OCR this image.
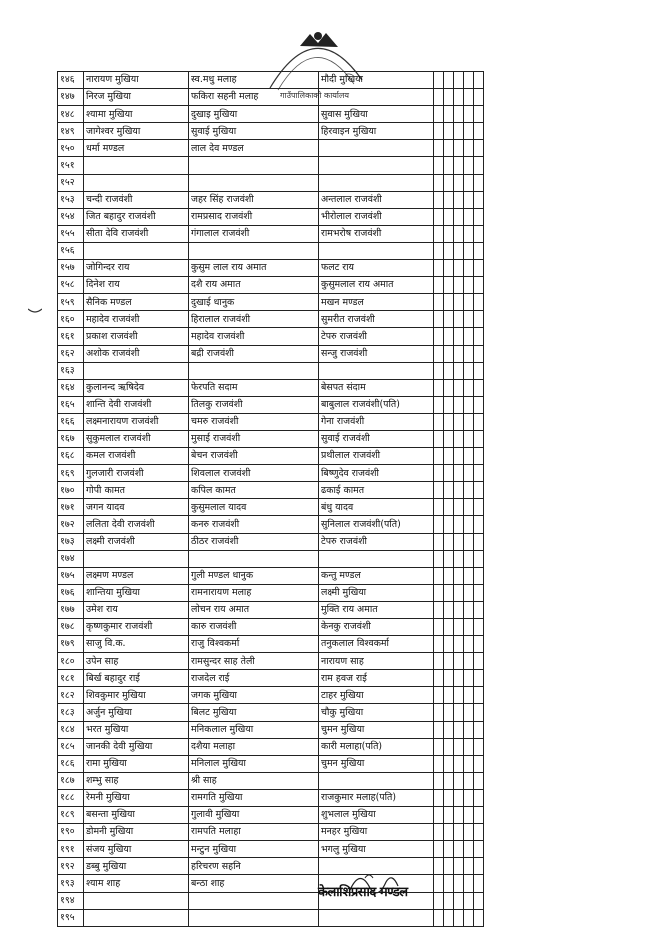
गाउँपालिकाको कार्यालय
१४६	नारायण मुखिया	स्व.मधु मलाह	मौदी मुखिया					
१४७	निरज मुखिया	फकिरा सहनी मलाह						
१४८	श्यामा मुखिया	दुखाइ मुखिया	सुवास मुखिया					
१४९	जागेश्वर मुखिया	सुवाई मुखिया	हिरवाइन मुखिया					
१५०	धर्मा मण्डल	लाल देव मण्डल						
१५१								
१५२								
१५३	चन्दी राजवंशी	जहर सिंह राजवंशी	अन्तलाल राजवंशी					
१५४	जित बहादुर राजवंशी	रामप्रसाद राजवंशी	भीरोलाल राजवंशी					
१५५	सीता देवि राजवंशी	गंगालाल राजवंशी	रामभरोष राजवंशी					
१५६								
१५७	जोगिन्दर राय	कुसुम लाल राय अमात	फलट राय					
१५८	दिनेश राय	दशै राय अमात	कुसुमलाल राय अमात					
१५९	सैनिक मण्डल	दुखाई धानुक	मखन मण्डल					
१६०	महादेव राजवंशी	हिरालाल राजवंशी	सुमरीत राजवंशी					
१६१	प्रकाश राजवंशी	महादेव राजवंशी	टेपरु राजवंशी					
१६२	अशोक राजवंशी	बद्री राजवंशी	सन्जु राजवंशी					
१६३								
१६४	कुलानन्द ऋषिदेव	फेरपति सदाम	बेसपत संदाम					
१६५	शान्ति देवी राजवंशी	तिलकु राजवंशी	बाबुलाल राजवंशी(पति)					
१६६	लक्ष्मनारायण राजवंशी	चमरु राजवंशी	गेना राजवंशी					
१६७	सुकुमलाल राजवंशी	मुसाई राजवंशी	सुवाई राजवंशी					
१६८	कमल राजवंशी	बेचन राजवंशी	प्रथीलाल राजवंशी					
१६९	गुलजारी राजवंशी	शिवलाल राजवंशी	बिष्णुदेव राजवंशी					
१७०	गोपी कामत	कपिल कामत	ढकाई कामत					
१७१	जगन यादव	कुसुमलाल यादव	बंधु यादव					
१७२	ललिता देवी राजवंशी	कनरु राजवंशी	सुनिलाल राजवंशी(पति)					
१७३	लक्ष्मी राजवंशी	ठीठर राजवंशी	टेपरु राजवंशी					
१७४								
१७५	लक्ष्मण मण्डल	गुली मण्डल धानुक	कन्तु मण्डल					
१७६	शान्तिया मुखिया	रामनारायण मलाह	लक्ष्मी मुखिया					
१७७	उमेश राय	लोचन राय अमात	मुक्ति राय अमात					
१७८	कृष्णकुमार राजवंशी	कारु राजवंशी	केनकु राजवंशी					
१७९	साजु वि.क.	राजु विश्वकर्मा	तनुकलाल विश्वकर्मा					
१८०	उपेन साह	रामसुन्दर साह तेली	नारायण साह					
१८१	बिर्ख बहादुर राई	राजदेल राई	राम हवज राई					
१८२	शिवकुमार मुखिया	जगक मुखिया	टाहर मुखिया					
१८३	अर्जुन मुखिया	बिलट मुखिया	चौकु मुखिया					
१८४	भरत मुखिया	मनिकलाल मुखिया	चुमन मुखिया					
१८५	जानकी देवी मुखिया	दशैया मलाहा	कारी मलाहा(पति)					
१८६	रामा मुखिया	मनिलाल मुखिया	चुमन मुखिया					
१८७	शम्भु साह	श्री साह						
१८८	रेमनी मुखिया	रामगति मुखिया	राजकुमार मलाह(पति)					
१८९	बसन्ता मुखिया	गुलावी मुखिया	शुभलाल मुखिया					
१९०	डोमनी मुखिया	रामपति मलाहा	मनहर मुखिया					
१९१	संजय मुखिया	मन्टुन मुखिया	भगलु मुखिया					
१९२	डब्बु मुखिया	हरिचरण सहनि						
१९३	श्याम शाह	बन्ठा शाह						
१९४								
१९५								
केलाशिप्रसाद मण्डल
